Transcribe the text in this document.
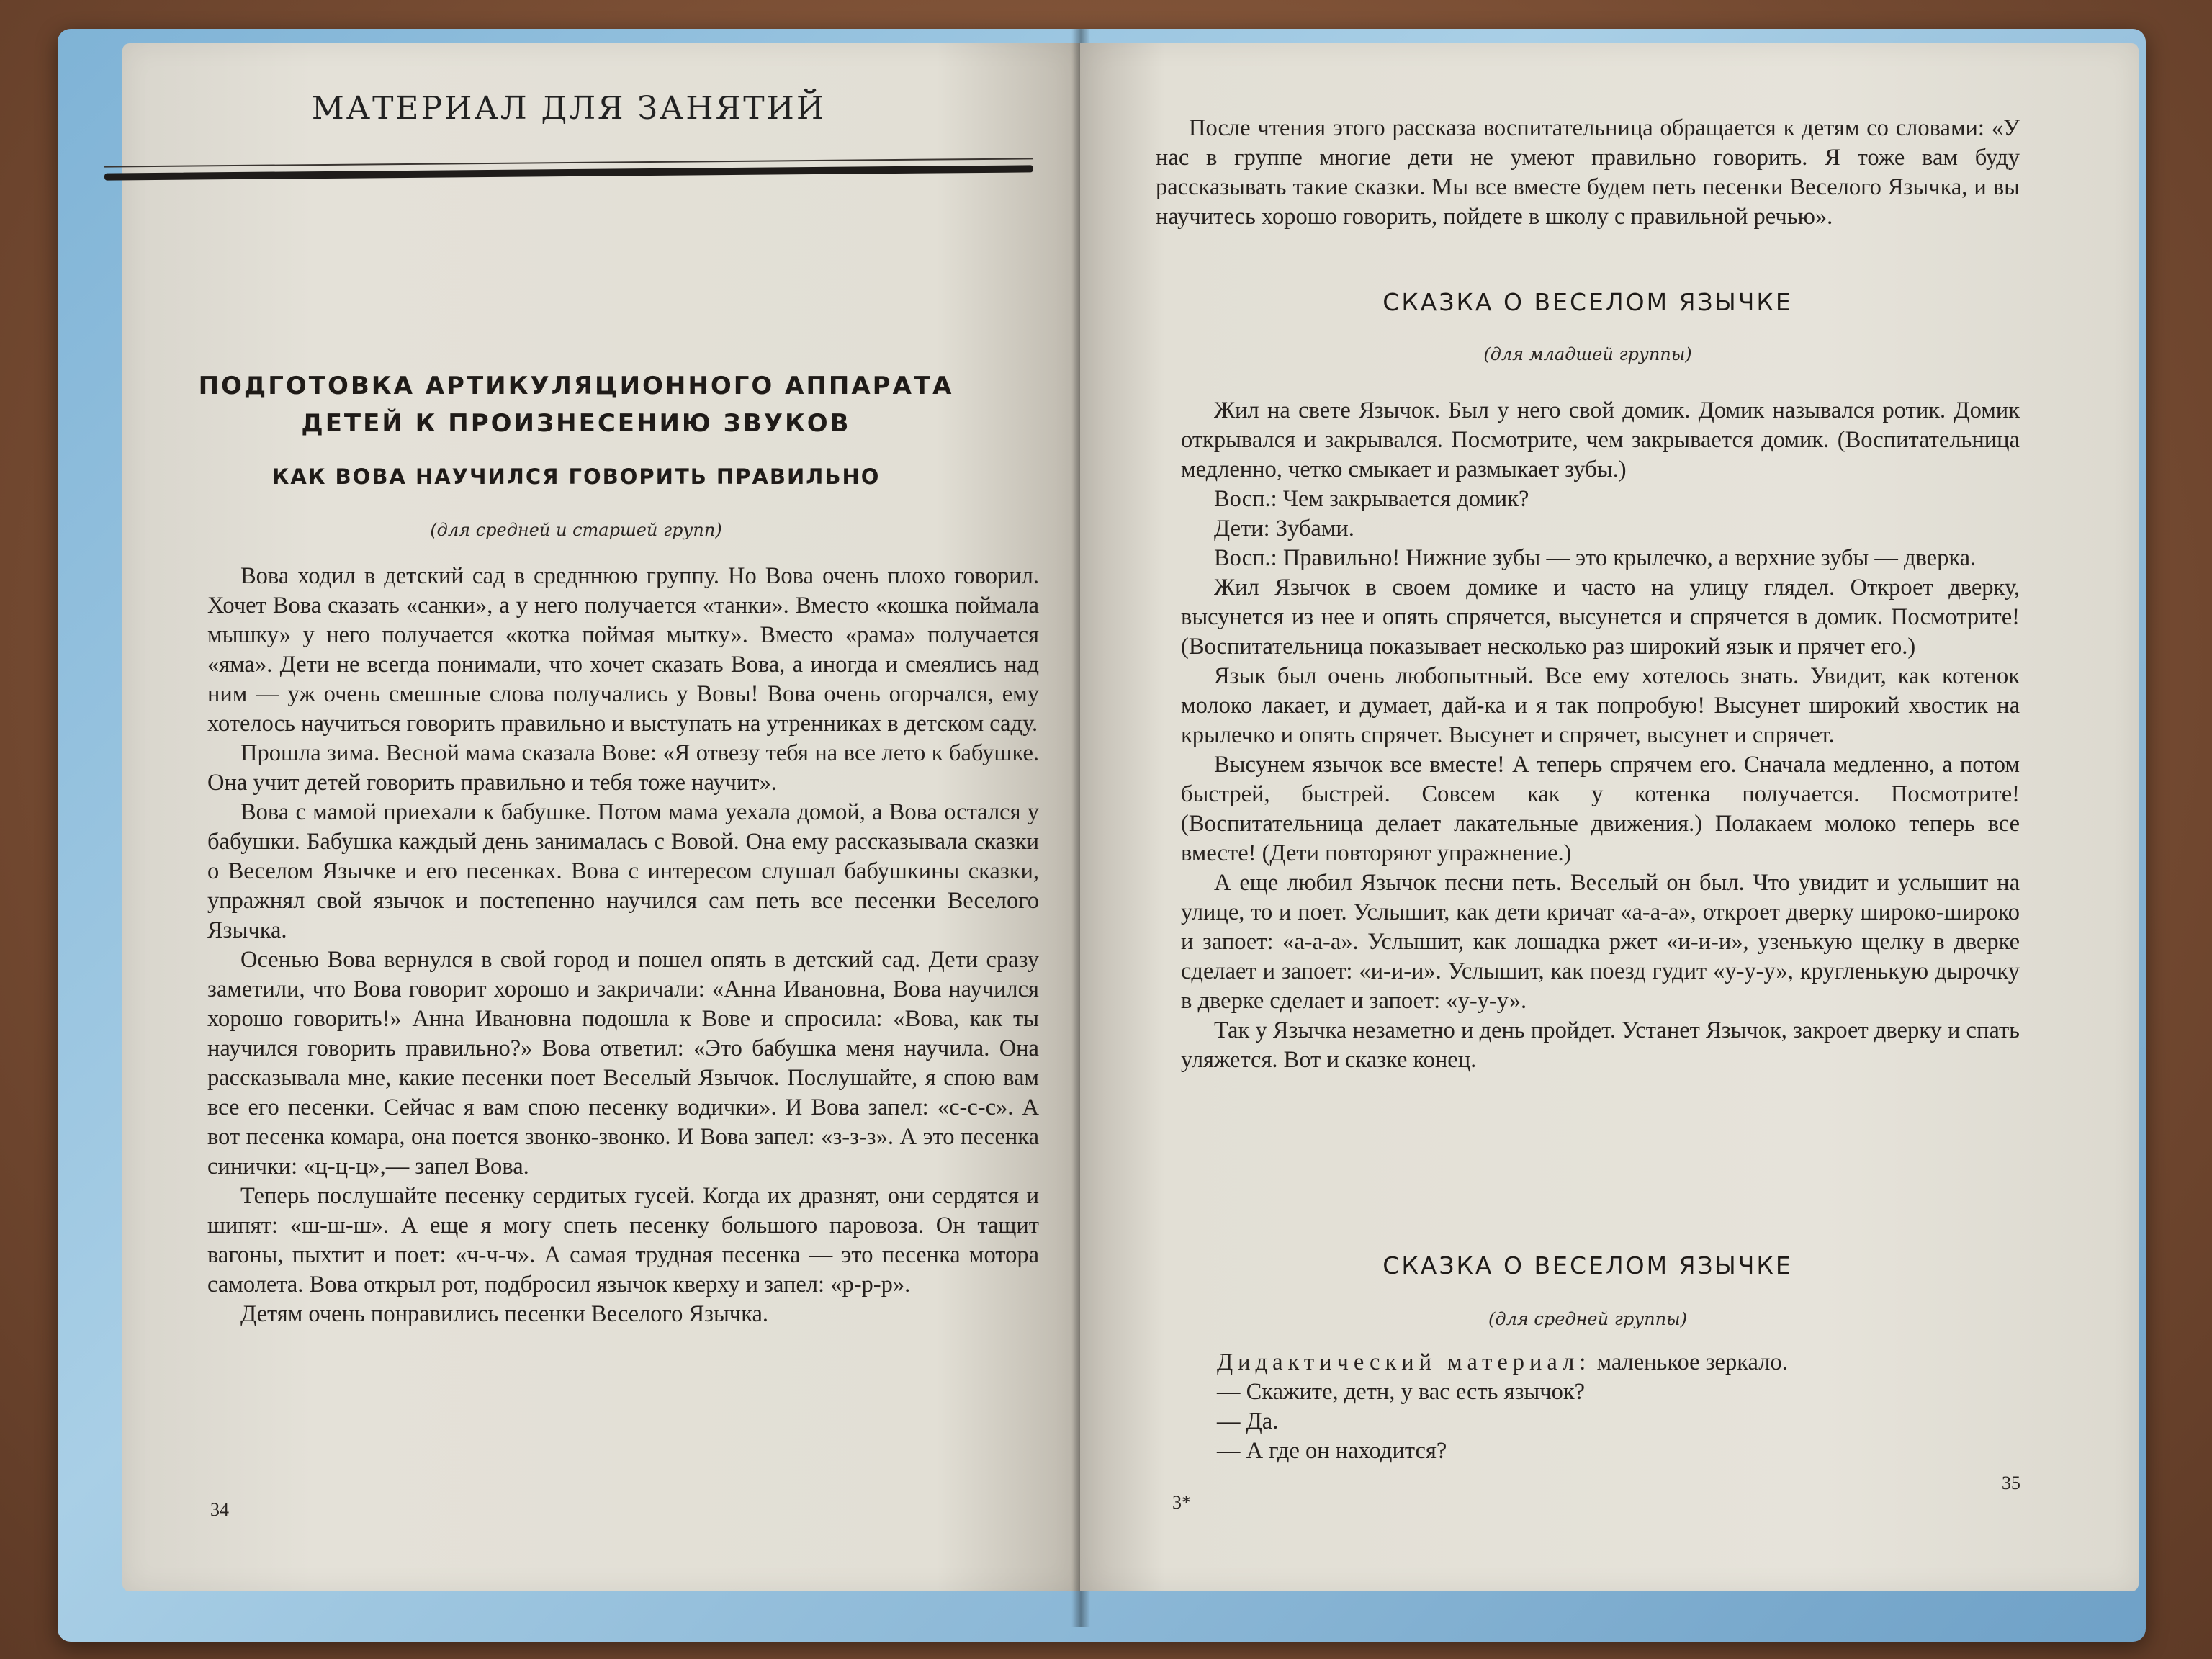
МАТЕРИАЛ ДЛЯ ЗАНЯТИЙ
ПОДГОТОВКА АРТИКУЛЯЦИОННОГО АППАРАТА
ДЕТЕЙ К ПРОИЗНЕСЕНИЮ ЗВУКОВ
КАК ВОВА НАУЧИЛСЯ ГОВОРИТЬ ПРАВИЛЬНО
(для средней и старшей групп)

Вова ходил в детский сад в средннюю группу. Но Вова очень плохо говорил. Хочет Вова сказать «санки», а у него получается «танки». Вместо «кошка поймала мышку» у него получается «котка поймая мытку». Вместо «рама» получается «яма». Дети не всегда понимали, что хочет сказать Вова, а иногда и смеялись над ним — уж очень смешные слова получались у Вовы! Вова очень огорчался, ему хотелось научиться говорить правильно и выступать на утренниках в детском саду.

Прошла зима. Весной мама сказала Вове: «Я отвезу тебя на все лето к бабушке. Она учит детей говорить правильно и тебя тоже научит».

Вова с мамой приехали к бабушке. Потом мама уехала домой, а Вова остался у бабушки. Бабушка каждый день занималась с Вовой. Она ему рассказывала сказки о Веселом Язычке и его песенках. Вова с интересом слушал бабушкины сказки, упражнял свой язычок и постепенно научился сам петь все песенки Веселого Язычка.

Осенью Вова вернулся в свой город и пошел опять в детский сад. Дети сразу заметили, что Вова говорит хорошо и закричали: «Анна Ивановна, Вова научился хорошо говорить!» Анна Ивановна подошла к Вове и спросила: «Вова, как ты научился говорить правильно?» Вова ответил: «Это бабушка меня научила. Она рассказывала мне, какие песенки поет Веселый Язычок. Послушайте, я спою вам все его песенки. Сейчас я вам спою песенку водички». И Вова запел: «с-с-с». А вот песенка комара, она поется звонко-звонко. И Вова запел: «з-з-з». А это песенка синички: «ц-ц-ц»,— запел Вова.

Теперь послушайте песенку сердитых гусей. Когда их дразнят, они сердятся и шипят: «ш-ш-ш». А еще я могу спеть песенку большого паровоза. Он тащит вагоны, пыхтит и поет: «ч-ч-ч». А самая трудная песенка — это песенка мотора самолета. Вова открыл рот, подбросил язычок кверху и запел: «р-р-р».

Детям очень понравились песенки Веселого Язычка.

34

После чтения этого рассказа воспитательница обращается к детям со словами: «У нас в группе многие дети не умеют правильно говорить. Я тоже вам буду рассказывать такие сказки. Мы все вместе будем петь песенки Веселого Язычка, и вы научитесь хорошо говорить, пойдете в школу с правильной речью».

СКАЗКА О ВЕСЕЛОМ ЯЗЫЧКЕ
(для младшей группы)

Жил на свете Язычок. Был у него свой домик. Домик назывался ротик. Домик открывался и закрывался. Посмотрите, чем закрывается домик. (Воспитательница медленно, четко смыкает и размыкает зубы.)

Восп.: Чем закрывается домик?

Дети: Зубами.

Восп.: Правильно! Нижние зубы — это крылечко, а верхние зубы — дверка.

Жил Язычок в своем домике и часто на улицу глядел. Откроет дверку, высунется из нее и опять спрячется, высунется и спрячется в домик. Посмотрите! (Воспитательница показывает несколько раз широкий язык и прячет его.)

Язык был очень любопытный. Все ему хотелось знать. Увидит, как котенок молоко лакает, и думает, дай-ка и я так попробую! Высунет широкий хвостик на крылечко и опять спрячет. Высунет и спрячет, высунет и спрячет.

Высунем язычок все вместе! А теперь спрячем его. Сначала медленно, а потом быстрей, быстрей. Совсем как у котенка получается. Посмотрите! (Воспитательница делает лакательные движения.) Полакаем молоко теперь все вместе! (Дети повторяют упражнение.)

А еще любил Язычок песни петь. Веселый он был. Что увидит и услышит на улице, то и поет. Услышит, как дети кричат «а-а-а», откроет дверку широко-широко и запоет: «а-а-а». Услышит, как лошадка ржет «и-и-и», узенькую щелку в дверке сделает и запоет: «и-и-и». Услышит, как поезд гудит «у-у-у», кругленькую дырочку в дверке сделает и запоет: «у-у-у».

Так у Язычка незаметно и день пройдет. Устанет Язычок, закроет дверку и спать уляжется. Вот и сказке конец.

СКАЗКА О ВЕСЕЛОМ ЯЗЫЧКЕ
(для средней группы)

Дидактический материал: маленькое зеркало.

— Скажите, детн, у вас есть язычок?

— Да.

— А где он находится?

3*
35
